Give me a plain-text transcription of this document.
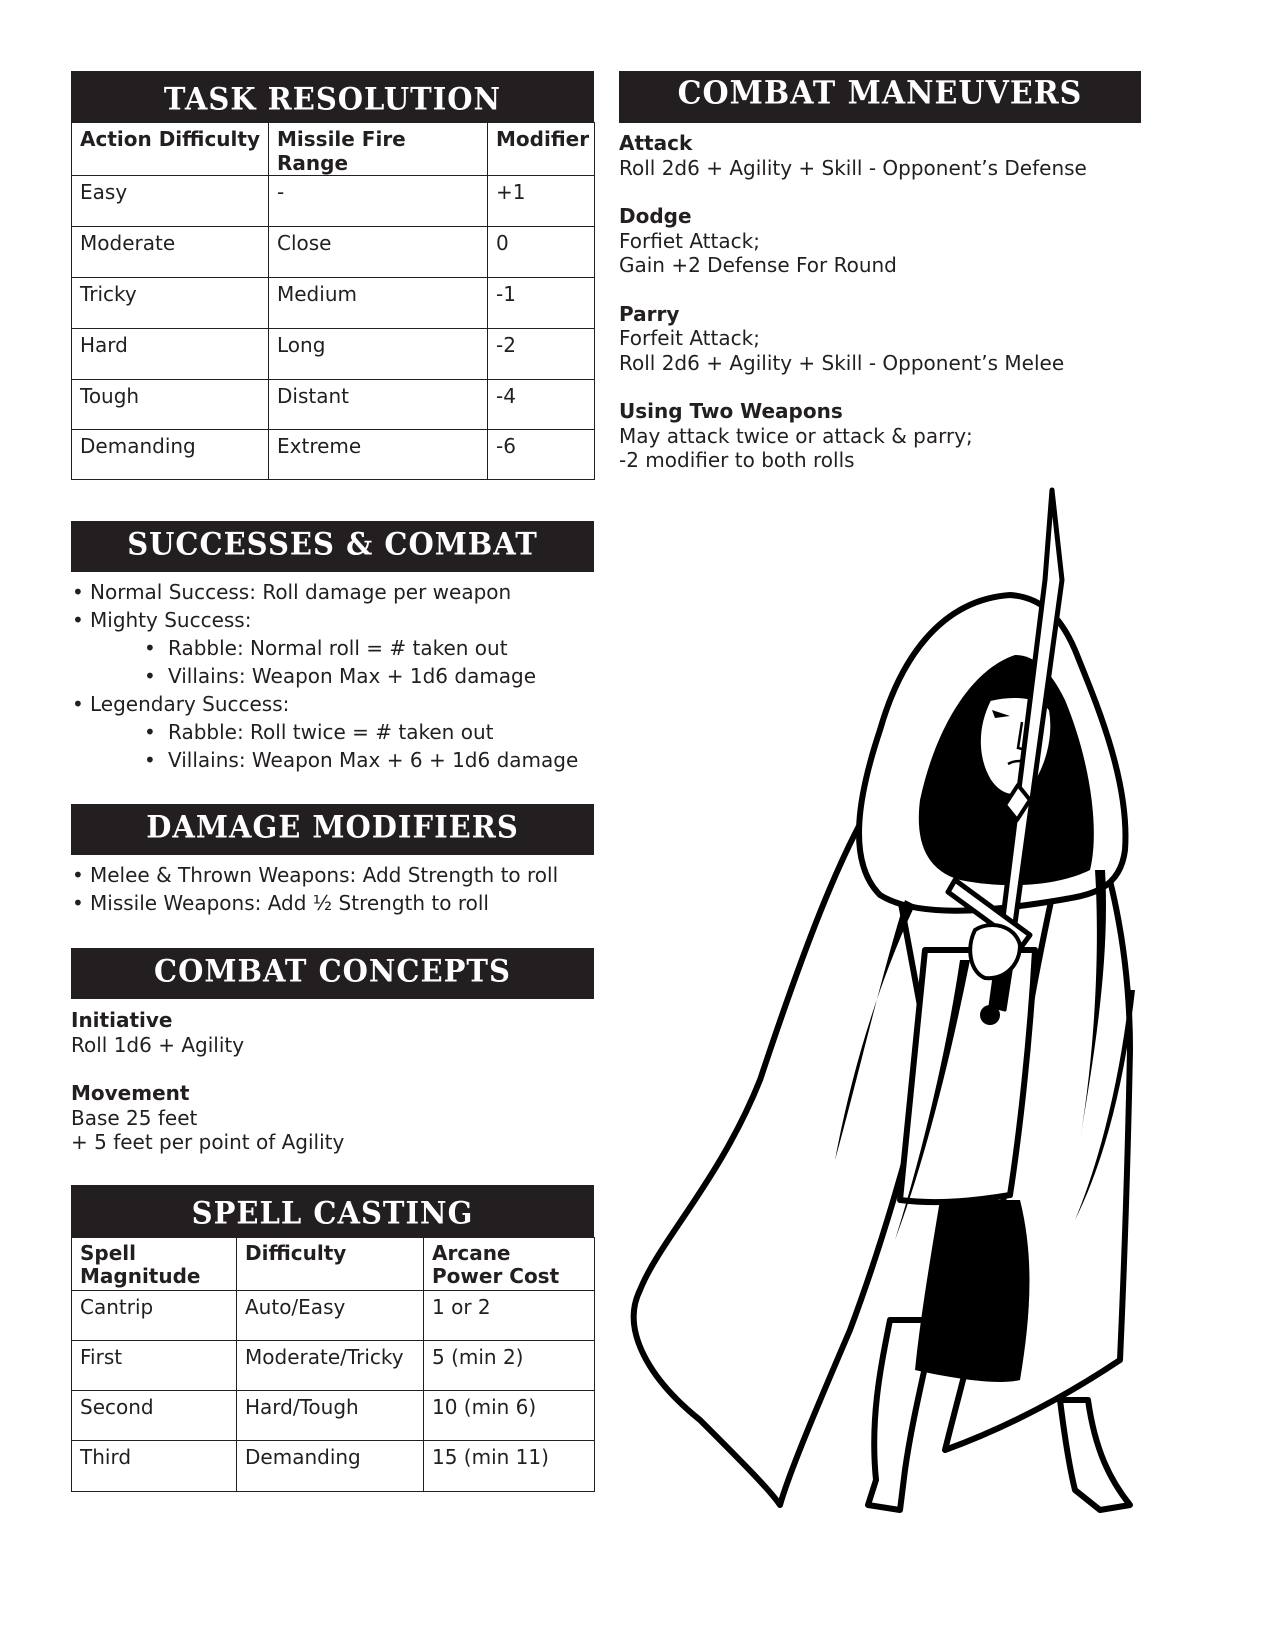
TASK RESOLUTION
Action Difficulty	Missile Fire Range	Modifier
Easy	-	+1
Moderate	Close	0
Tricky	Medium	-1
Hard	Long	-2
Tough	Distant	-4
Demanding	Extreme	-6
COMBAT MANEUVERS
Attack
Roll 2d6 + Agility + Skill - Opponent’s Defense
Dodge
Forfiet Attack;
Gain +2 Defense For Round
Parry
Forfeit Attack;
Roll 2d6 + Agility + Skill - Opponent’s Melee
Using Two Weapons
May attack twice or attack & parry;
-2 modifier to both rolls
SUCCESSES & COMBAT
• Normal Success: Roll damage per weapon
• Mighty Success:
• Rabble: Normal roll = # taken out
• Villains: Weapon Max + 1d6 damage
• Legendary Success:
• Rabble: Roll twice = # taken out
• Villains: Weapon Max + 6 + 1d6 damage
DAMAGE MODIFIERS
• Melee & Thrown Weapons: Add Strength to roll
• Missile Weapons: Add ½ Strength to roll
COMBAT CONCEPTS
Initiative
Roll 1d6 + Agility
Movement
Base 25 feet
+ 5 feet per point of Agility
SPELL CASTING
Spell Magnitude	Difficulty	Arcane Power Cost
Cantrip	Auto/Easy	1 or 2
First	Moderate/Tricky	5 (min 2)
Second	Hard/Tough	10 (min 6)
Third	Demanding	15 (min 11)
